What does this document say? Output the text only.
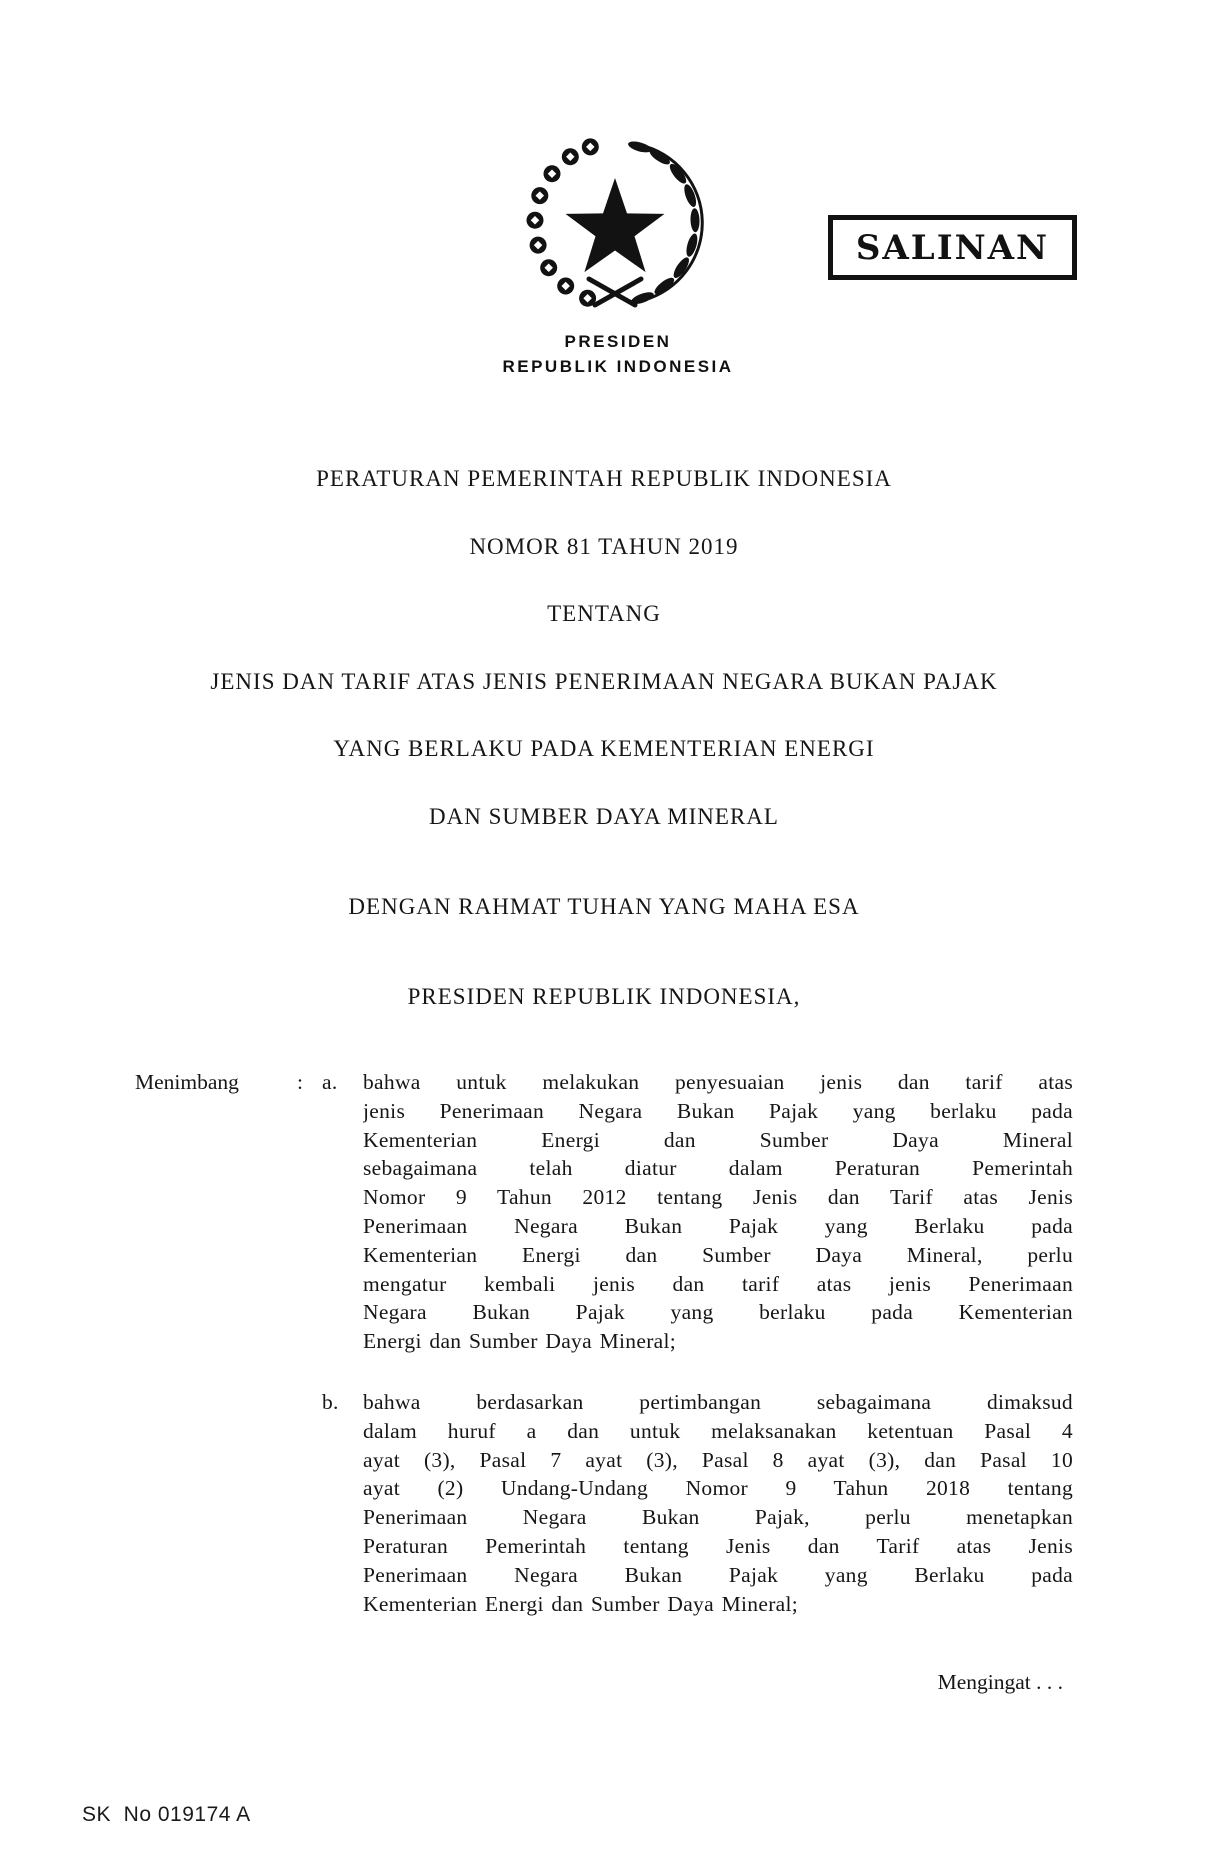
PRESIDEN
REPUBLIK INDONESIA
SALINAN
PERATURAN PEMERINTAH REPUBLIK INDONESIA
NOMOR 81 TAHUN 2019
TENTANG
JENIS DAN TARIF ATAS JENIS PENERIMAAN NEGARA BUKAN PAJAK
YANG BERLAKU PADA KEMENTERIAN ENERGI
DAN SUMBER DAYA MINERAL
DENGAN RAHMAT TUHAN YANG MAHA ESA
PRESIDEN REPUBLIK INDONESIA,
Menimbang	: a. bahwa untuk melakukan penyesuaian jenis dan tarif atas
jenis Penerimaan Negara Bukan Pajak yang berlaku pada
Kementerian Energi dan Sumber Daya Mineral
sebagaimana telah diatur dalam Peraturan Pemerintah
Nomor 9 Tahun 2012 tentang Jenis dan Tarif atas Jenis
Penerimaan Negara Bukan Pajak yang Berlaku pada
Kementerian Energi dan Sumber Daya Mineral, perlu
mengatur kembali jenis dan tarif atas jenis Penerimaan
Negara Bukan Pajak yang berlaku pada Kementerian
Energi dan Sumber Daya Mineral;
b. bahwa berdasarkan pertimbangan sebagaimana dimaksud
dalam huruf a dan untuk melaksanakan ketentuan Pasal 4
ayat (3), Pasal 7 ayat (3), Pasal 8 ayat (3), dan Pasal 10
ayat (2) Undang-Undang Nomor 9 Tahun 2018 tentang
Penerimaan Negara Bukan Pajak, perlu menetapkan
Peraturan Pemerintah tentang Jenis dan Tarif atas Jenis
Penerimaan Negara Bukan Pajak yang Berlaku pada
Kementerian Energi dan Sumber Daya Mineral;
Mengingat . . .
SK  No 019174 A
